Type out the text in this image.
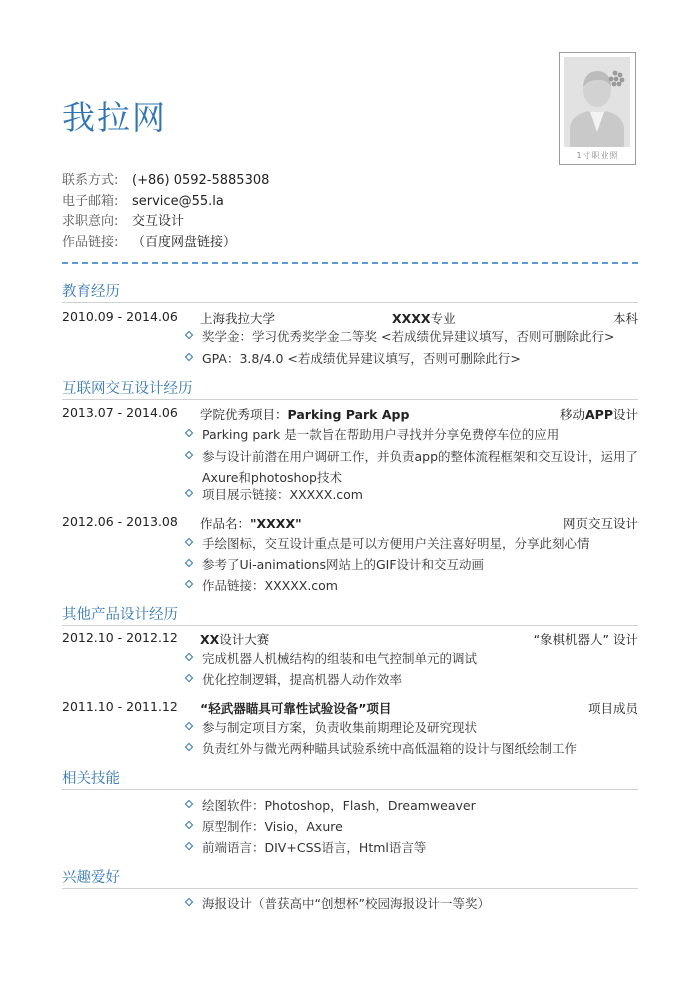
我拉网
1寸职业照
联系方式: (+86) 0592-5885308
电子邮箱: service@55.la
求职意向: 交互设计
作品链接: （百度网盘链接）
教育经历
2010.09 - 2014.06 上海我拉大学	XXXX专业	本科
奖学金：学习优秀奖学金二等奖 <若成绩优异建议填写，否则可删除此行>
GPA：3.8/4.0 <若成绩优异建议填写，否则可删除此行>
互联网交互设计经历
2013.07 - 2014.06 学院优秀项目：Parking Park App	移动APP设计
Parking park 是一款旨在帮助用户寻找并分享免费停车位的应用
参与设计前潜在用户调研工作，并负责app的整体流程框架和交互设计，运用了Axure和photoshop技术
项目展示链接：XXXXX.com
2012.06 - 2013.08 作品名："XXXX"	网页交互设计
手绘图标，交互设计重点是可以方便用户关注喜好明星，分享此刻心情
参考了Ui-animations网站上的GIF设计和交互动画
作品链接：XXXXX.com
其他产品设计经历
2012.10 - 2012.12 XX设计大赛	“象棋机器人” 设计
完成机器人机械结构的组装和电气控制单元的调试
优化控制逻辑，提高机器人动作效率
2011.10 - 2011.12 “轻武器瞄具可靠性试验设备”项目	项目成员
参与制定项目方案，负责收集前期理论及研究现状
负责红外与微光两种瞄具试验系统中高低温箱的设计与图纸绘制工作
相关技能
绘图软件：Photoshop，Flash，Dreamweaver
原型制作：Visio，Axure
前端语言：DIV+CSS语言，Html语言等
兴趣爱好
海报设计（普获高中“创想杯”校园海报设计一等奖）
